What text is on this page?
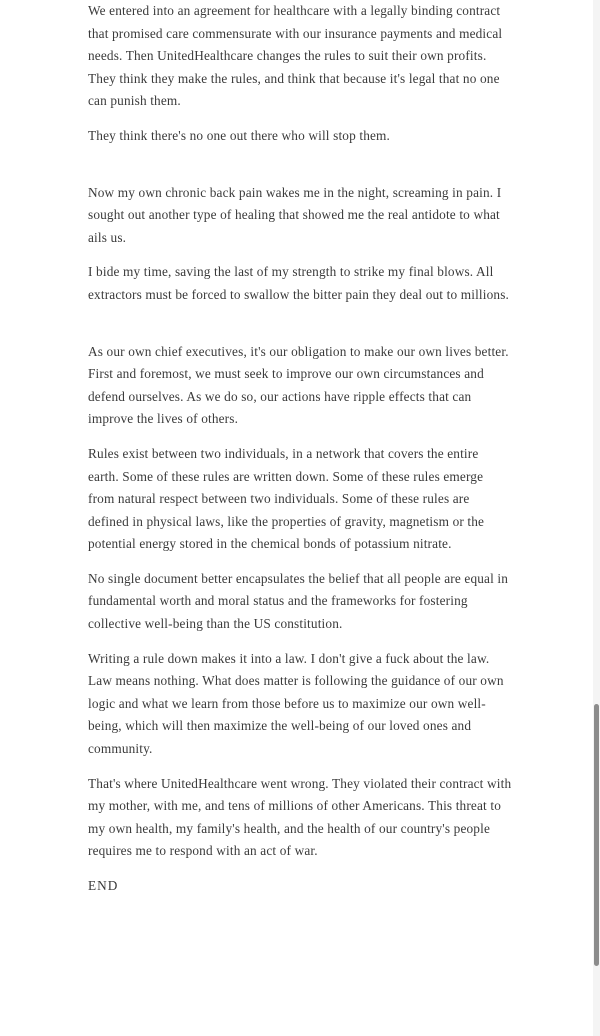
We entered into an agreement for healthcare with a legally binding contract that promised care commensurate with our insurance payments and medical needs. Then UnitedHealthcare changes the rules to suit their own profits. They think they make the rules, and think that because it's legal that no one can punish them.

They think there's no one out there who will stop them.

Now my own chronic back pain wakes me in the night, screaming in pain. I sought out another type of healing that showed me the real antidote to what ails us.

I bide my time, saving the last of my strength to strike my final blows. All extractors must be forced to swallow the bitter pain they deal out to millions.

As our own chief executives, it's our obligation to make our own lives better. First and foremost, we must seek to improve our own circumstances and defend ourselves. As we do so, our actions have ripple effects that can improve the lives of others.

Rules exist between two individuals, in a network that covers the entire earth. Some of these rules are written down. Some of these rules emerge from natural respect between two individuals. Some of these rules are defined in physical laws, like the properties of gravity, magnetism or the potential energy stored in the chemical bonds of potassium nitrate.

No single document better encapsulates the belief that all people are equal in fundamental worth and moral status and the frameworks for fostering collective well-being than the US constitution.

Writing a rule down makes it into a law. I don't give a fuck about the law. Law means nothing. What does matter is following the guidance of our own logic and what we learn from those before us to maximize our own well-being, which will then maximize the well-being of our loved ones and community.

That's where UnitedHealthcare went wrong. They violated their contract with my mother, with me, and tens of millions of other Americans. This threat to my own health, my family's health, and the health of our country's people requires me to respond with an act of war.

END
